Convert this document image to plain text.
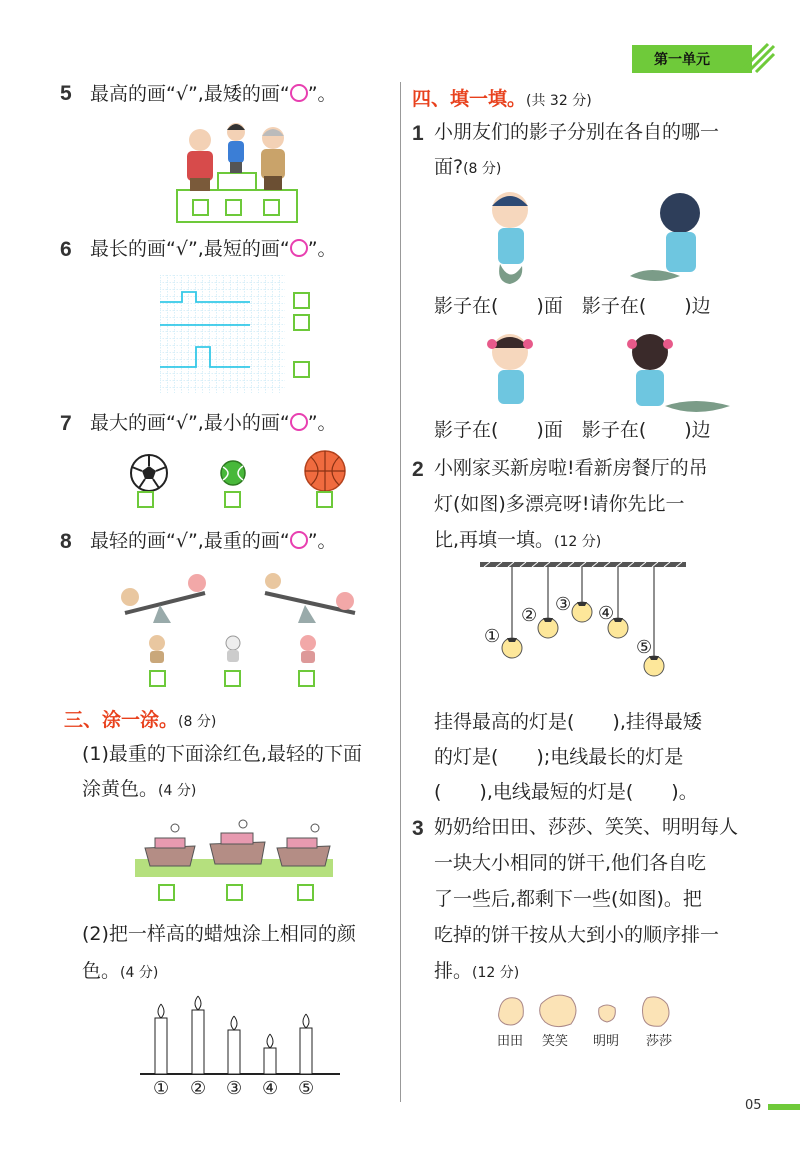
第一单元
5 最高的画“√”,最矮的画“○”。
6 最长的画“√”,最短的画“○”。
7 最大的画“√”,最小的画“○”。
8 最轻的画“√”,最重的画“○”。
三、涂一涂。(8 分)
(1)最重的下面涂红色,最轻的下面
涂黄色。(4 分)
(2)把一样高的蜡烛涂上相同的颜
色。(4 分)
① ② ③ ④ ⑤
四、填一填。(共 32 分)
1 小朋友们的影子分别在各自的哪一
面?(8 分)
影子在(　　)面　影子在(　　)边
影子在(　　)面　影子在(　　)边
2 小刚家买新房啦!看新房餐厅的吊
灯(如图)多漂亮呀!请你先比一
比,再填一填。(12 分)
①
②
③ ④
⑤
挂得最高的灯是(　　),挂得最矮
的灯是(　　);电线最长的灯是
(　　),电线最短的灯是(　　)。
3 奶奶给田田、莎莎、笑笑、明明每人
一块大小相同的饼干,他们各自吃
了一些后,都剩下一些(如图)。把
吃掉的饼干按从大到小的顺序排一
排。(12 分)
田田 笑笑 明明 莎莎
05
